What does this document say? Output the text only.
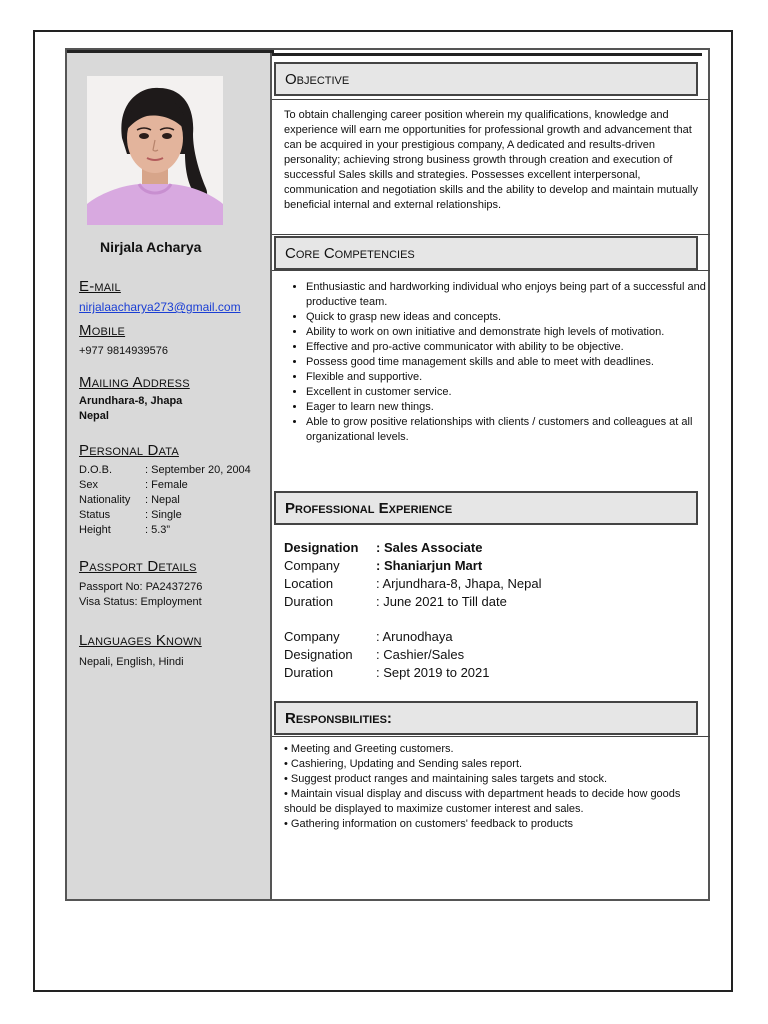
Nirjala Acharya
E-mail
nirjalaacharya273@gmail.com
Mobile
+977 9814939576
Mailing Address
Arundhara-8, Jhapa
Nepal
Personal Data
D.O.B.	: September 20, 2004
Sex	: Female
Nationality	: Nepal
Status	: Single
Height	: 5.3”
Passport Details
Passport No: PA2437276
Visa Status: Employment
Languages Known
Nepali, English, Hindi
Objective
To obtain challenging career position wherein my qualifications, knowledge and experience will earn me opportunities for professional growth and advancement that can be acquired in your prestigious company, A dedicated and results-driven personality; achieving strong business growth through creation and execution of successful Sales skills and strategies. Possesses excellent interpersonal, communication and negotiation skills and the ability to develop and maintain mutually beneficial internal and external relationships.
Core Competencies
• Enthusiastic and hardworking individual who enjoys being part of a successful and productive team.
• Quick to grasp new ideas and concepts.
• Ability to work on own initiative and demonstrate high levels of motivation.
• Effective and pro-active communicator with ability to be objective.
• Possess good time management skills and able to meet with deadlines.
• Flexible and supportive.
• Excellent in customer service.
• Eager to learn new things.
• Able to grow positive relationships with clients / customers and colleagues at all organizational levels.
Professional Experience
Designation	: Sales Associate
Company	: Shaniarjun Mart
Location	: Arjundhara-8, Jhapa, Nepal
Duration	: June 2021 to Till date
Company	: Arunodhaya
Designation	: Cashier/Sales
Duration	: Sept 2019 to 2021
Responsbilities:
• Meeting and Greeting customers.
• Cashiering, Updating and Sending sales report.
• Suggest product ranges and maintaining sales targets and stock.
• Maintain visual display and discuss with department heads to decide how goods should be displayed to maximize customer interest and sales.
• Gathering information on customers' feedback to products
